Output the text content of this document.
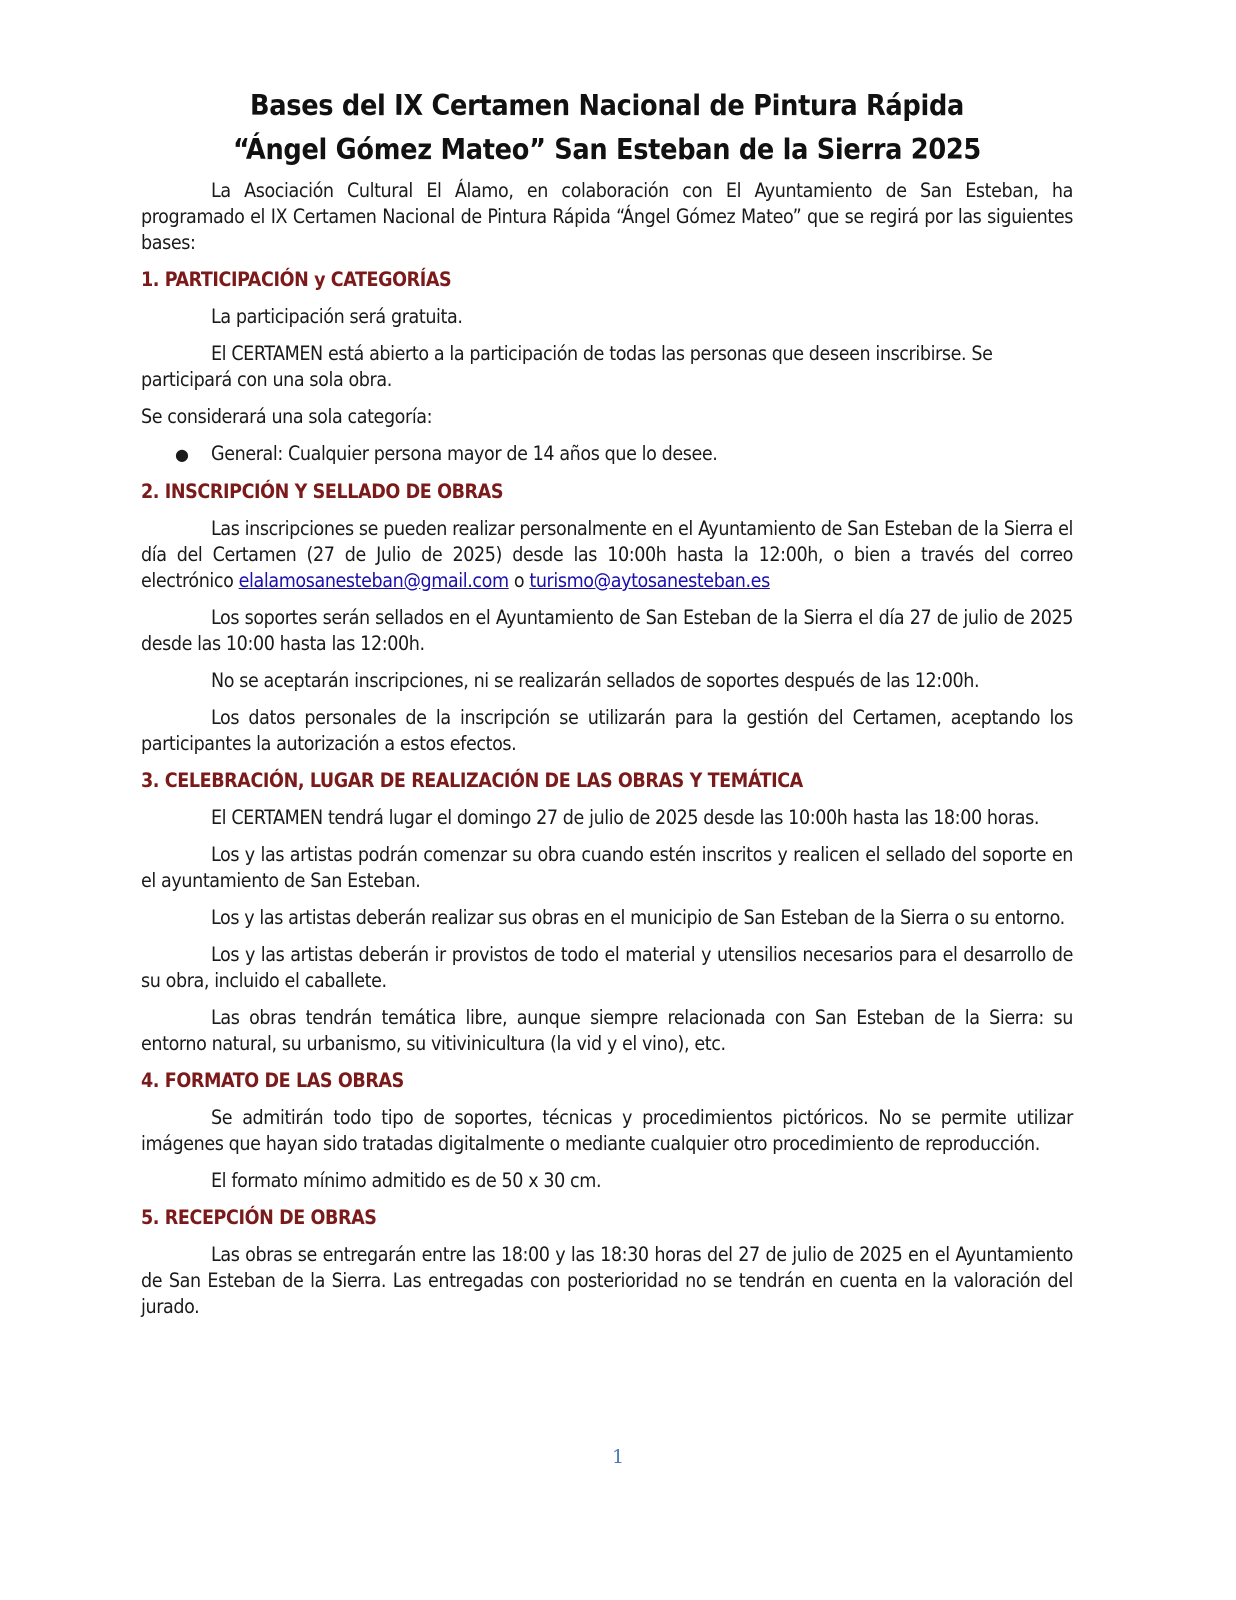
Bases del IX Certamen Nacional de Pintura Rápida
“Ángel Gómez Mateo” San Esteban de la Sierra 2025

La Asociación Cultural El Álamo, en colaboración con El Ayuntamiento de San Esteban, ha programado el IX Certamen Nacional de Pintura Rápida “Ángel Gómez Mateo” que se regirá por las siguientes bases:

1. PARTICIPACIÓN y CATEGORÍAS

La participación será gratuita.

El CERTAMEN está abierto a la participación de todas las personas que deseen inscribirse. Se participará con una sola obra.

Se considerará una sola categoría:

●	General: Cualquier persona mayor de 14 años que lo desee.
2. INSCRIPCIÓN Y SELLADO DE OBRAS

Las inscripciones se pueden realizar personalmente en el Ayuntamiento de San Esteban de la Sierra el día del Certamen (27 de Julio de 2025) desde las 10:00h hasta la 12:00h, o bien a través del correo electrónico elalamosanesteban@gmail.com o turismo@aytosanesteban.es

Los soportes serán sellados en el Ayuntamiento de San Esteban de la Sierra el día 27 de julio de 2025 desde las 10:00 hasta las 12:00h.

No se aceptarán inscripciones, ni se realizarán sellados de soportes después de las 12:00h.

Los datos personales de la inscripción se utilizarán para la gestión del Certamen, aceptando los participantes la autorización a estos efectos.

3. CELEBRACIÓN, LUGAR DE REALIZACIÓN DE LAS OBRAS Y TEMÁTICA

El CERTAMEN tendrá lugar el domingo 27 de julio de 2025 desde las 10:00h hasta las 18:00 horas.

Los y las artistas podrán comenzar su obra cuando estén inscritos y realicen el sellado del soporte en el ayuntamiento de San Esteban.

Los y las artistas deberán realizar sus obras en el municipio de San Esteban de la Sierra o su entorno.

Los y las artistas deberán ir provistos de todo el material y utensilios necesarios para el desarrollo de su obra, incluido el caballete.

Las obras tendrán temática libre, aunque siempre relacionada con San Esteban de la Sierra: su entorno natural, su urbanismo, su vitivinicultura (la vid y el vino), etc.

4. FORMATO DE LAS OBRAS

Se admitirán todo tipo de soportes, técnicas y procedimientos pictóricos. No se permite utilizar imágenes que hayan sido tratadas digitalmente o mediante cualquier otro procedimiento de reproducción.

El formato mínimo admitido es de 50 x 30 cm.

5. RECEPCIÓN DE OBRAS

Las obras se entregarán entre las 18:00 y las 18:30 horas del 27 de julio de 2025 en el Ayuntamiento de San Esteban de la Sierra. Las entregadas con posterioridad no se tendrán en cuenta en la valoración del jurado.

1
